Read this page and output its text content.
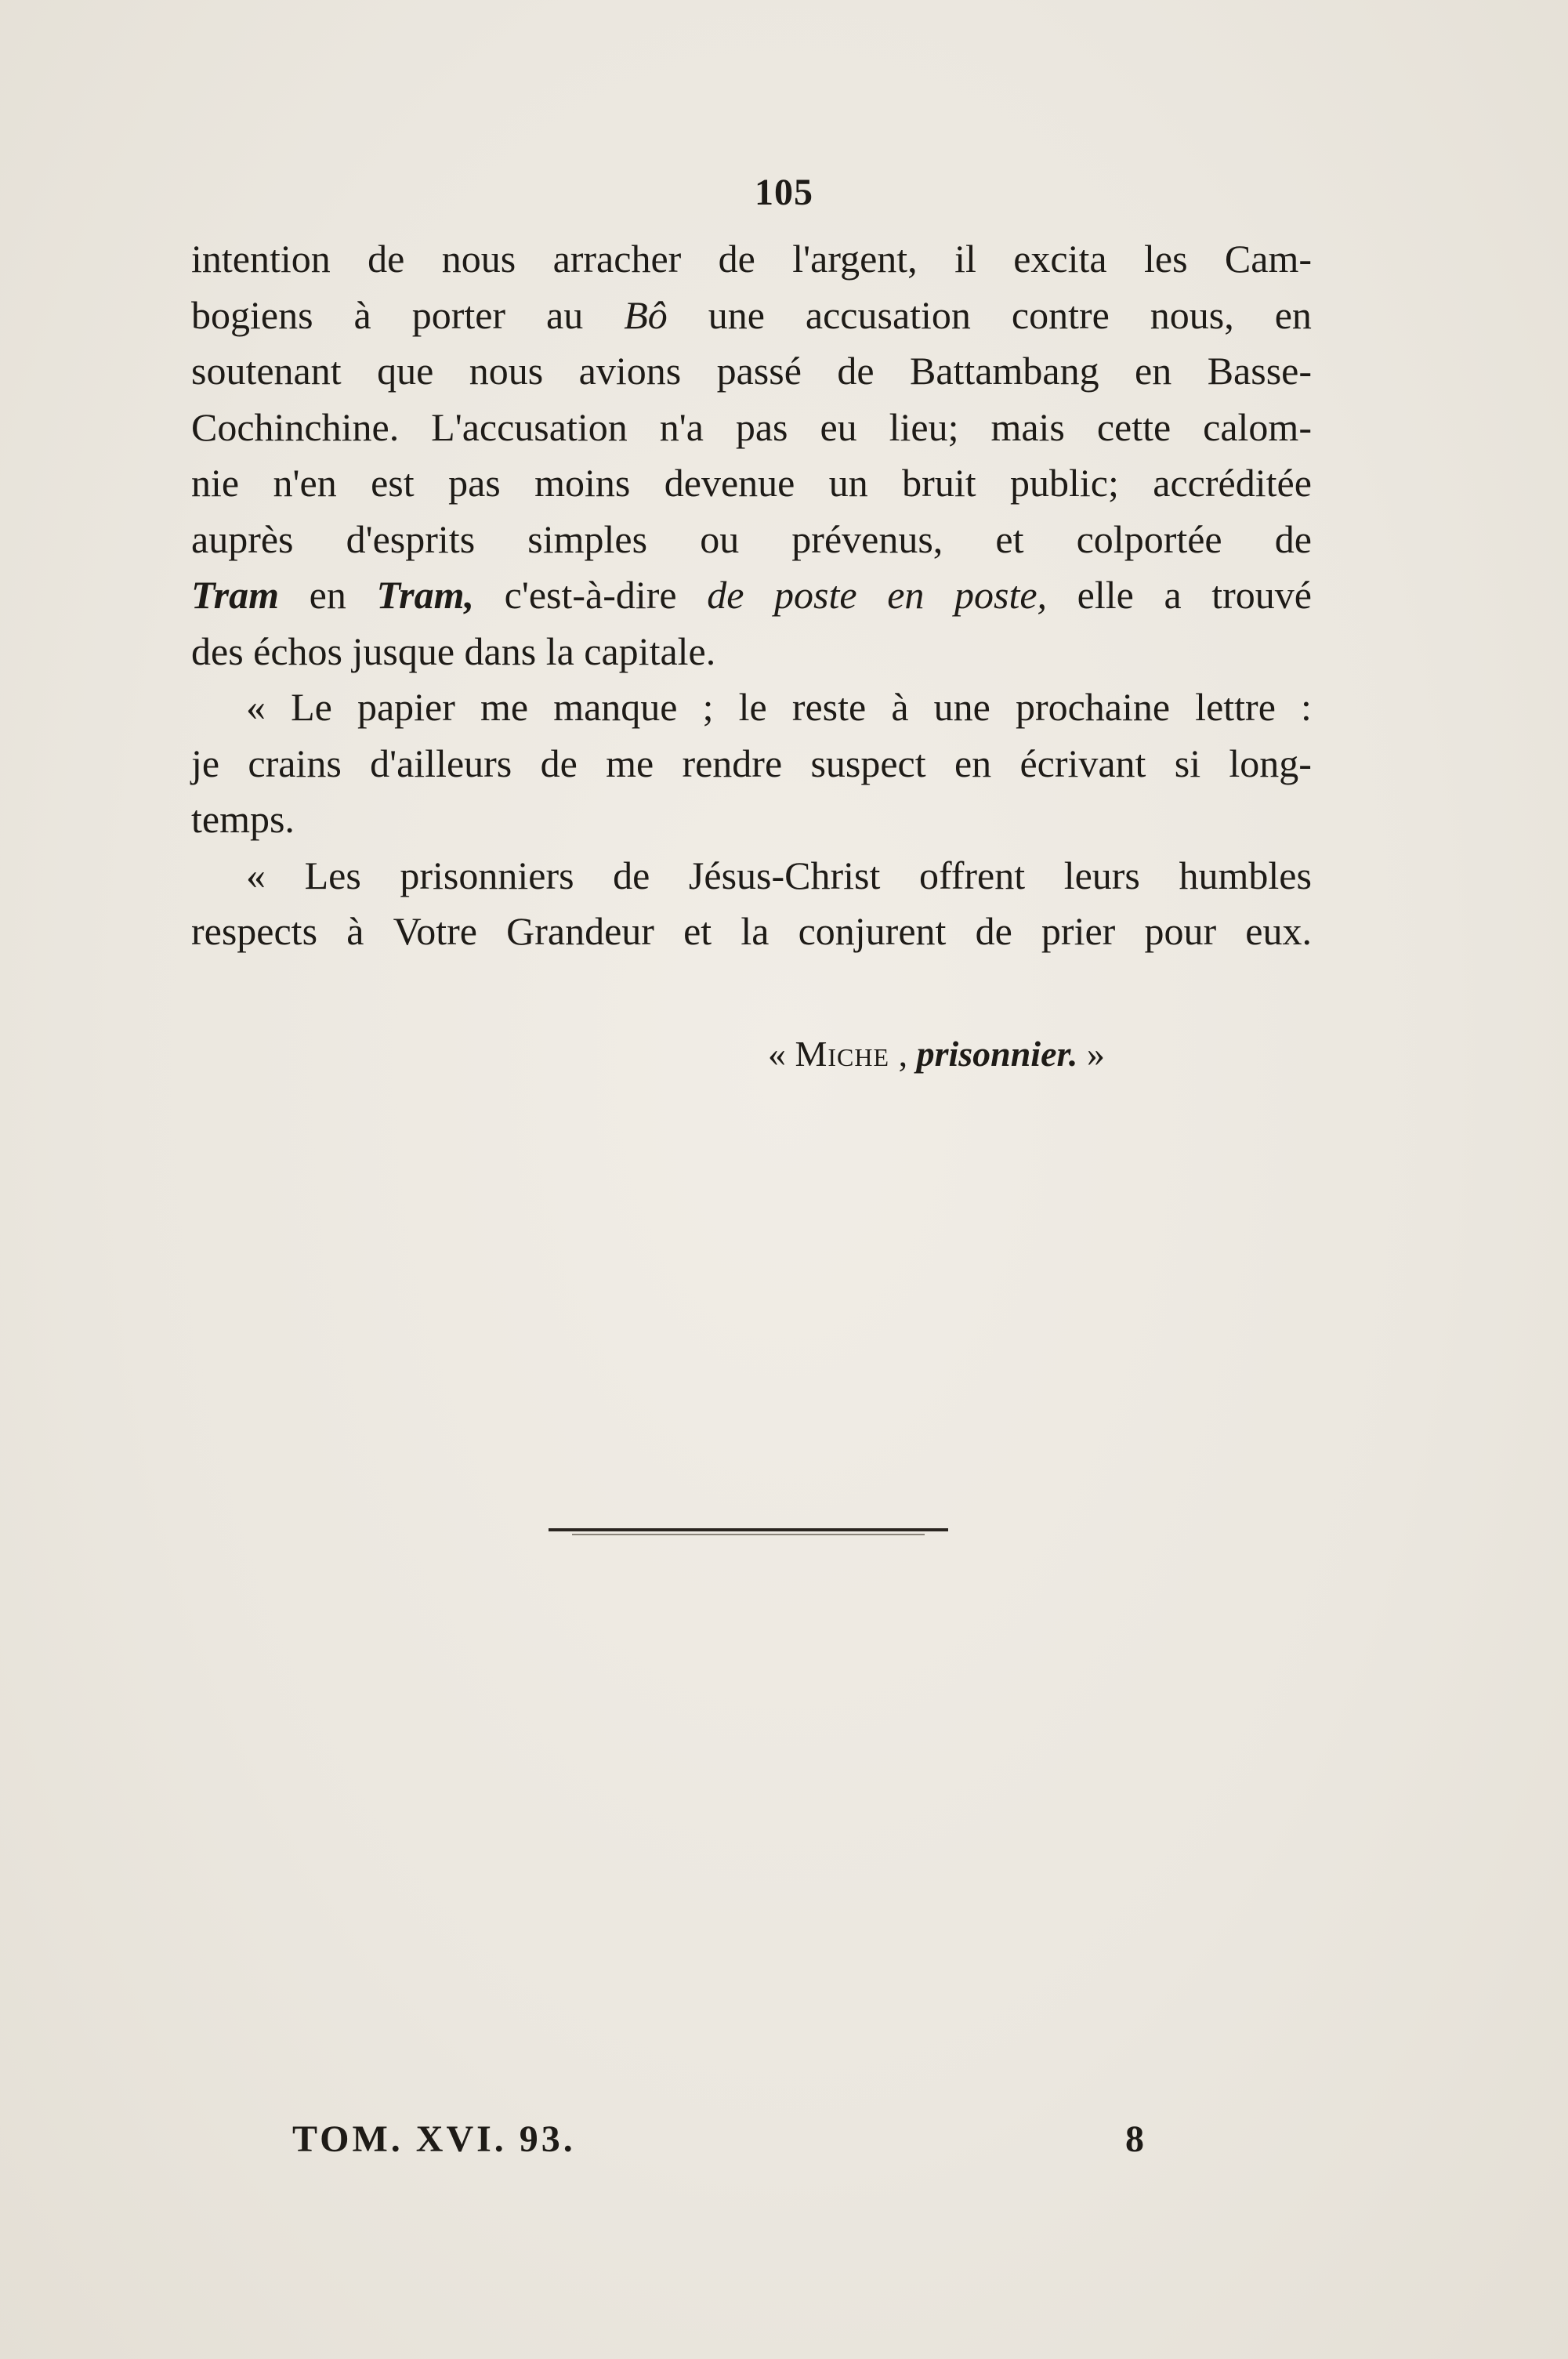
105
intention de nous arracher de l'argent, il excita les Cam-
bogiens à porter au Bô une accusation contre nous, en
soutenant que nous avions passé de Battambang en Basse-
Cochinchine. L'accusation n'a pas eu lieu; mais cette calom-
nie n'en est pas moins devenue un bruit public; accréditée
auprès d'esprits simples ou prévenus, et colportée de
Tram en Tram, c'est-à-dire de poste en poste, elle a trouvé
des échos jusque dans la capitale.
« Le papier me manque ; le reste à une prochaine lettre :
je crains d'ailleurs de me rendre suspect en écrivant si long-
temps.
« Les prisonniers de Jésus-Christ offrent leurs humbles
respects à Votre Grandeur et la conjurent de prier pour eux.
« Miche , prisonnier. »
TOM. XVI. 93.	8
